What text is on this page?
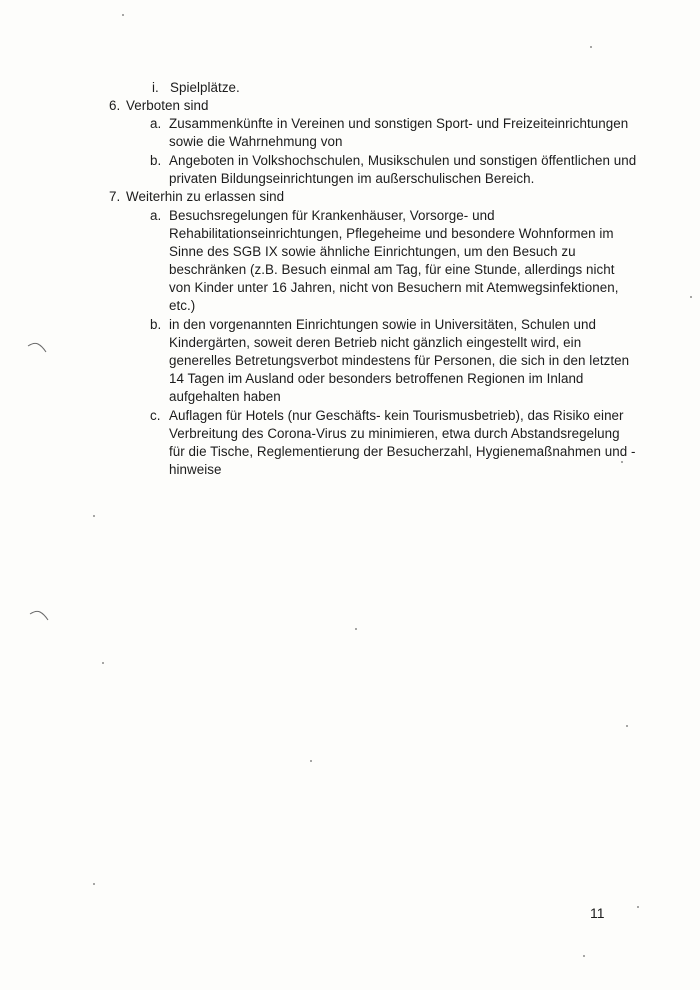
i. Spielplätze.
6. Verboten sind
a. Zusammenkünfte in Vereinen und sonstigen Sport- und Freizeiteinrichtungen
sowie die Wahrnehmung von
b. Angeboten in Volkshochschulen, Musikschulen und sonstigen öffentlichen und
privaten Bildungseinrichtungen im außerschulischen Bereich.
7. Weiterhin zu erlassen sind
a. Besuchsregelungen für Krankenhäuser, Vorsorge- und
Rehabilitationseinrichtungen, Pflegeheime und besondere Wohnformen im
Sinne des SGB IX sowie ähnliche Einrichtungen, um den Besuch zu
beschränken (z.B. Besuch einmal am Tag, für eine Stunde, allerdings nicht
von Kinder unter 16 Jahren, nicht von Besuchern mit Atemwegsinfektionen,
etc.)
b. in den vorgenannten Einrichtungen sowie in Universitäten, Schulen und
Kindergärten, soweit deren Betrieb nicht gänzlich eingestellt wird, ein
generelles Betretungsverbot mindestens für Personen, die sich in den letzten
14 Tagen im Ausland oder besonders betroffenen Regionen im Inland
aufgehalten haben
c. Auflagen für Hotels (nur Geschäfts- kein Tourismusbetrieb), das Risiko einer
Verbreitung des Corona-Virus zu minimieren, etwa durch Abstandsregelung
für die Tische, Reglementierung der Besucherzahl, Hygienemaßnahmen und -
hinweise
11
